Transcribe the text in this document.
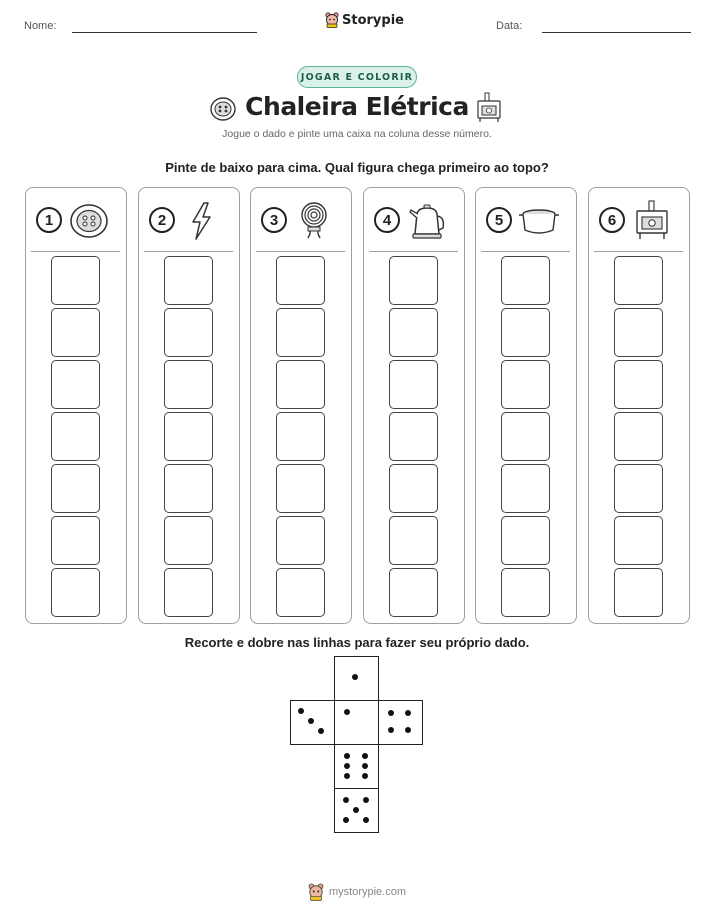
Nome:	Storypie	Data:
JOGAR E COLORIR
Chaleira Elétrica
Jogue o dado e pinte uma caixa na coluna desse número.
Pinte de baixo para cima. Qual figura chega primeiro ao topo?
1	2	3	4	5	6
Recorte e dobre nas linhas para fazer seu próprio dado.
mystorypie.com
